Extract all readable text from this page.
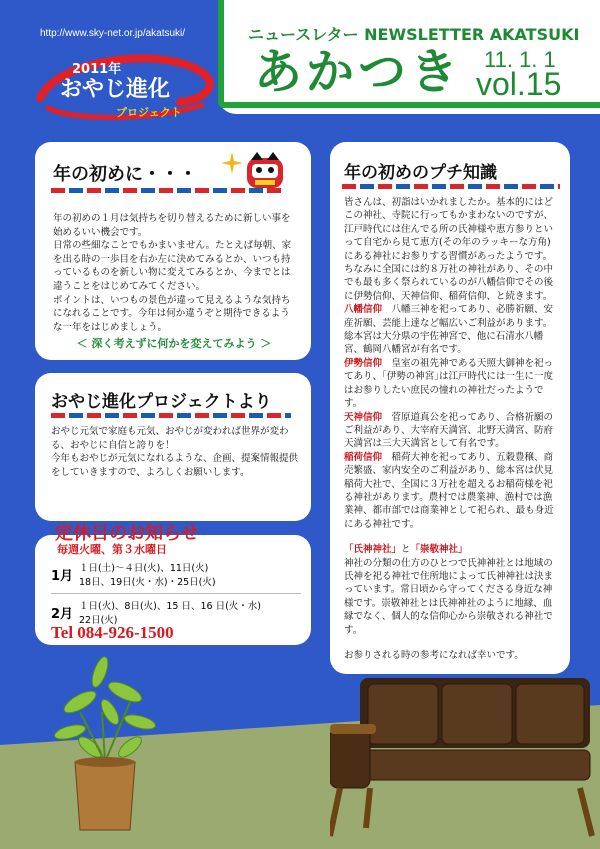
http://www.sky-net.or.jp/akatsuki/
2011年
おやじ進化
プロジェクト
ニュースレター NEWSLETTER AKATSUKI
あかつき 11. 1. 1
vol.15
年の初めに・・・

年の初めの１月は気持ちを切り替えるために新しい事を始めるいい機会です。

日常の些細なことでもかまいません。たとえば毎朝、家を出る時の一歩目を右か左に決めてみるとか、いつも持っているものを新しい物に変えてみるとか、今までとは違うことをはじめてみてください。

ポイントは、いつもの景色が違って見えるような気持ちになれることです。今年は何か違うぞと期待できるような一年をはじめましょう。

＜ 深く考えずに何かを変えてみよう ＞

おやじ進化プロジェクトより

おやじ元気で家庭も元気、おやじが変われば世界が変わる、おやじに自信と誇りを！

今年もおやじが元気になれるような、企画、提案情報提供をしていきますので、よろしくお願いします。

定休日のお知らせ
毎週火曜、第３水曜日
1月
１日(土)～４日(火)、11日(火)
18日、19日(火・水)・25日(火)
2月
１日(火)、8日(火)、15 日、16 日(火・水)
22日(火)
Tel 084-926-1500
年の初めのプチ知識

皆さんは、初詣はいかれましたか。基本的にはどこの神社、寺院に行ってもかまわないのですが、江戸時代には住んでる所の氏神様や恵方参りといって自宅から見て恵方(その年のラッキーな方角)にある神社にお参りする習慣があったようです。

ちなみに全国には約８万社の神社があり、その中でも最も多く祭られているのが八幡信仰でその後に伊勢信仰、天神信仰、稲荷信仰、と続きます。

八幡信仰　八幡三神を祀ってあり、必勝祈願、安産祈願、芸能上達など幅広いご利益があります。総本宮は大分県の宇佐神宮で、他に石清水八幡宮、鶴岡八幡宮が有名です。

伊勢信仰　皇室の祖先神である天照大御神を祀ってあり、｢伊勢の神宮｣は江戸時代には一生に一度はお参りしたい庶民の憧れの神社だったようです。

天神信仰　菅原道真公を祀ってあり、合格祈願のご利益があり、大宰府天満宮、北野天満宮、防府天満宮は三大天満宮として有名です。

稲荷信仰　稲荷大神を祀ってあり、五穀豊穣、商売繁盛、家内安全のご利益があり、総本宮は伏見稲荷大社で、全国に３万社を超えるお稲荷様を祀る神社があります。農村では農業神、漁村では漁業神、都市部では商業神として祀られ、最も身近にある神社です。

「氏神神社」と「崇敬神社」

神社の分類の仕方のひとつで氏神神社とは地域の氏神を祀る神社で住所地によって氏神神社は決まっています。常日頃から守ってくださる身近な神様です。崇敬神社とは氏神神社のように地縁、血縁でなく、個人的な信仰心から崇敬される神社です。

お参りされる時の参考になれば幸いです。
